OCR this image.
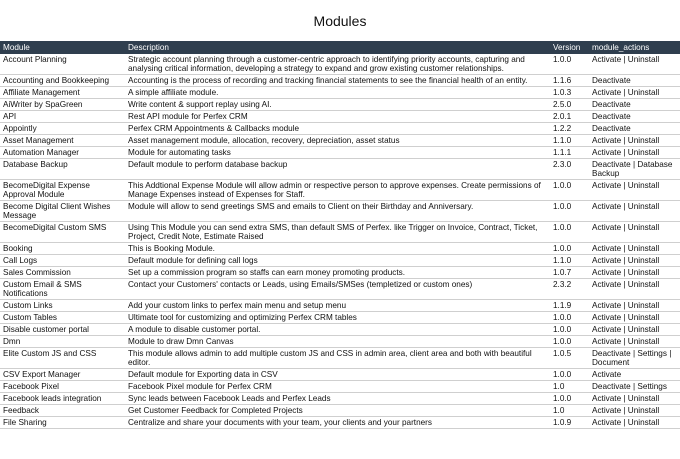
Modules
Module	Description	Version	module_actions
Account Planning	Strategic account planning through a customer-centric approach to identifying priority accounts, capturing and analysing critical information, developing a strategy to expand and grow existing customer relationships.	1.0.0	Activate | Uninstall
Accounting and Bookkeeping	Accounting is the process of recording and tracking financial statements to see the financial health of an entity.	1.1.6	Deactivate
Affiliate Management	A simple affiliate module.	1.0.3	Activate | Uninstall
AiWriter by SpaGreen	Write content & support replay using AI.	2.5.0	Deactivate
API	Rest API module for Perfex CRM	2.0.1	Deactivate
Appointly	Perfex CRM Appointments & Callbacks module	1.2.2	Deactivate
Asset Management	Asset management module, allocation, recovery, depreciation, asset status	1.1.0	Activate | Uninstall
Automation Manager	Module for automating tasks	1.1.1	Activate | Uninstall
Database Backup	Default module to perform database backup	2.3.0	Deactivate | Database Backup
BecomeDigital Expense Approval Module	This Addtional Expense Module will allow admin or respective person to approve expenses. Create permissions of Manage Expenses instead of Expenses for Staff.	1.0.0	Activate | Uninstall
Become Digital Client Wishes Message	Module will allow to send greetings SMS and emails to Client on their Birthday and Anniversary.	1.0.0	Activate | Uninstall
BecomeDigital Custom SMS	Using This Module you can send extra SMS, than default SMS of Perfex. like Trigger on Invoice, Contract, Ticket, Project, Credit Note, Estimate Raised	1.0.0	Activate | Uninstall
Booking	This is Booking Module.	1.0.0	Activate | Uninstall
Call Logs	Default module for defining call logs	1.1.0	Activate | Uninstall
Sales Commission	Set up a commission program so staffs can earn money promoting products.	1.0.7	Activate | Uninstall
Custom Email & SMS Notifications	Contact your Customers' contacts or Leads, using Emails/SMSes (templetized or custom ones)	2.3.2	Activate | Uninstall
Custom Links	Add your custom links to perfex main menu and setup menu	1.1.9	Activate | Uninstall
Custom Tables	Ultimate tool for customizing and optimizing Perfex CRM tables	1.0.0	Activate | Uninstall
Disable customer portal	A module to disable customer portal.	1.0.0	Activate | Uninstall
Dmn	Module to draw Dmn Canvas	1.0.0	Activate | Uninstall
Elite Custom JS and CSS	This module allows admin to add multiple custom JS and CSS in admin area, client area and both with beautiful editor.	1.0.5	Deactivate | Settings | Document
CSV Export Manager	Default module for Exporting data in CSV	1.0.0	Activate
Facebook Pixel	Facebook Pixel module for Perfex CRM	1.0	Deactivate | Settings
Facebook leads integration	Sync leads between Facebook Leads and Perfex Leads	1.0.0	Activate | Uninstall
Feedback	Get Customer Feedback for Completed Projects	1.0	Activate | Uninstall
File Sharing	Centralize and share your documents with your team, your clients and your partners	1.0.9	Activate | Uninstall
